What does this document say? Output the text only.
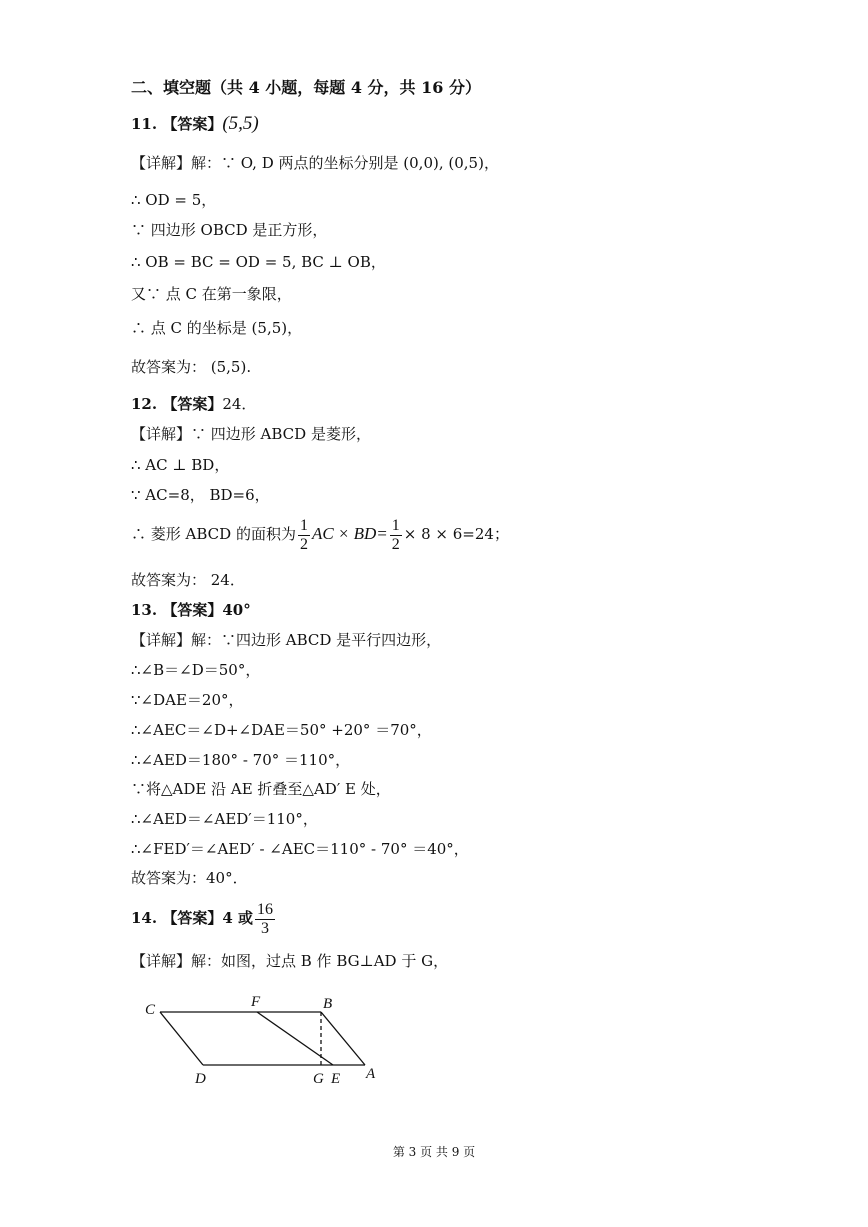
二、填空题（共 4 小题，每题 4 分，共 16 分）
11. 【答案】(5,5)
【详解】解：∵ O, D 两点的坐标分别是 (0,0), (0,5)，
∴ OD = 5，
∵ 四边形 OBCD 是正方形，
∴ OB = BC = OD = 5, BC ⊥ OB，
又∵ 点 C 在第一象限，
∴ 点 C 的坐标是 (5,5)，
故答案为： (5,5).
12. 【答案】24．
【详解】∵ 四边形 ABCD 是菱形，
∴ AC ⊥ BD，
∵ AC=8， BD=6，
∴ 菱形 ABCD 的面积为 $\frac{1}{2}$ AC × $BD= \frac{1}{2} \times 8 \times 6=24$；
故答案为： 24．
13. 【答案】40°
【详解】解：∵四边形 ABCD 是平行四边形，
∴∠B＝∠D＝50°，
∵∠DAE＝20°，
∴∠AEC＝∠D+∠DAE＝50° +20° ＝70°，
∴∠AED＝180° - 70° ＝110°，
∵将△ADE 沿 AE 折叠至△AD′ E 处，
∴∠AED＝∠AED′＝110°，
∴∠FED′＝∠AED′ - ∠AEC＝110° - 70° ＝40°，
故答案为：40°．
14. 【答案】4 或 $\frac{16}{3}$
【详解】解：如图，过点 B 作 BG⊥AD 于 G，
C	F	B
D	G E A
第 3 页 共 9 页
